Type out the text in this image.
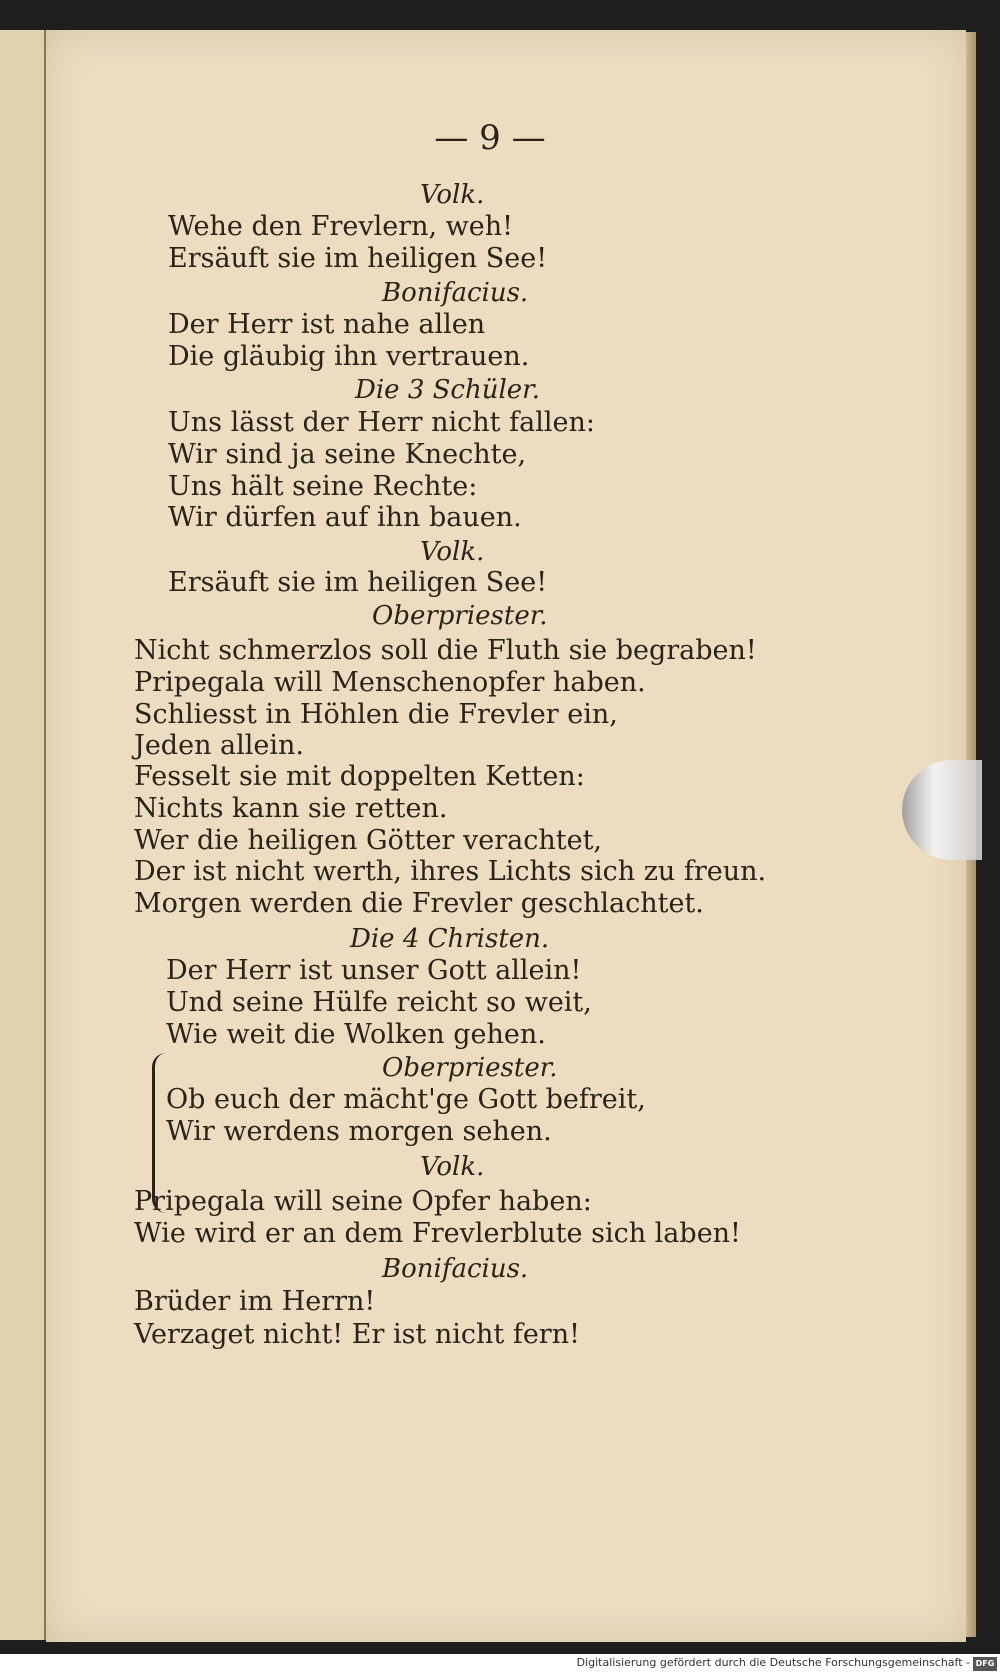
— 9 —
Volk.
Wehe den Frevlern, weh!
Ersäuft sie im heiligen See!
Bonifacius.
Der Herr ist nahe allen
Die gläubig ihn vertrauen.
Die 3 Schüler.
Uns lässt der Herr nicht fallen:
Wir sind ja seine Knechte,
Uns hält seine Rechte:
Wir dürfen auf ihn bauen.
Volk.
Ersäuft sie im heiligen See!
Oberpriester.
Nicht schmerzlos soll die Fluth sie begraben!
Pripegala will Menschenopfer haben.
Schliesst in Höhlen die Frevler ein,
Jeden allein.
Fesselt sie mit doppelten Ketten:
Nichts kann sie retten.
Wer die heiligen Götter verachtet,
Der ist nicht werth, ihres Lichts sich zu freun.
Morgen werden die Frevler geschlachtet.
Die 4 Christen.
Der Herr ist unser Gott allein!
Und seine Hülfe reicht so weit,
Wie weit die Wolken gehen.
Oberpriester.
Ob euch der mächt'ge Gott befreit,
Wir werdens morgen sehen.
Volk.
Pripegala will seine Opfer haben:
Wie wird er an dem Frevlerblute sich laben!
Bonifacius.
Brüder im Herrn!
Verzaget nicht! Er ist nicht fern!
Digitalisierung gefördert durch die Deutsche Forschungsgemeinschaft - DFG
